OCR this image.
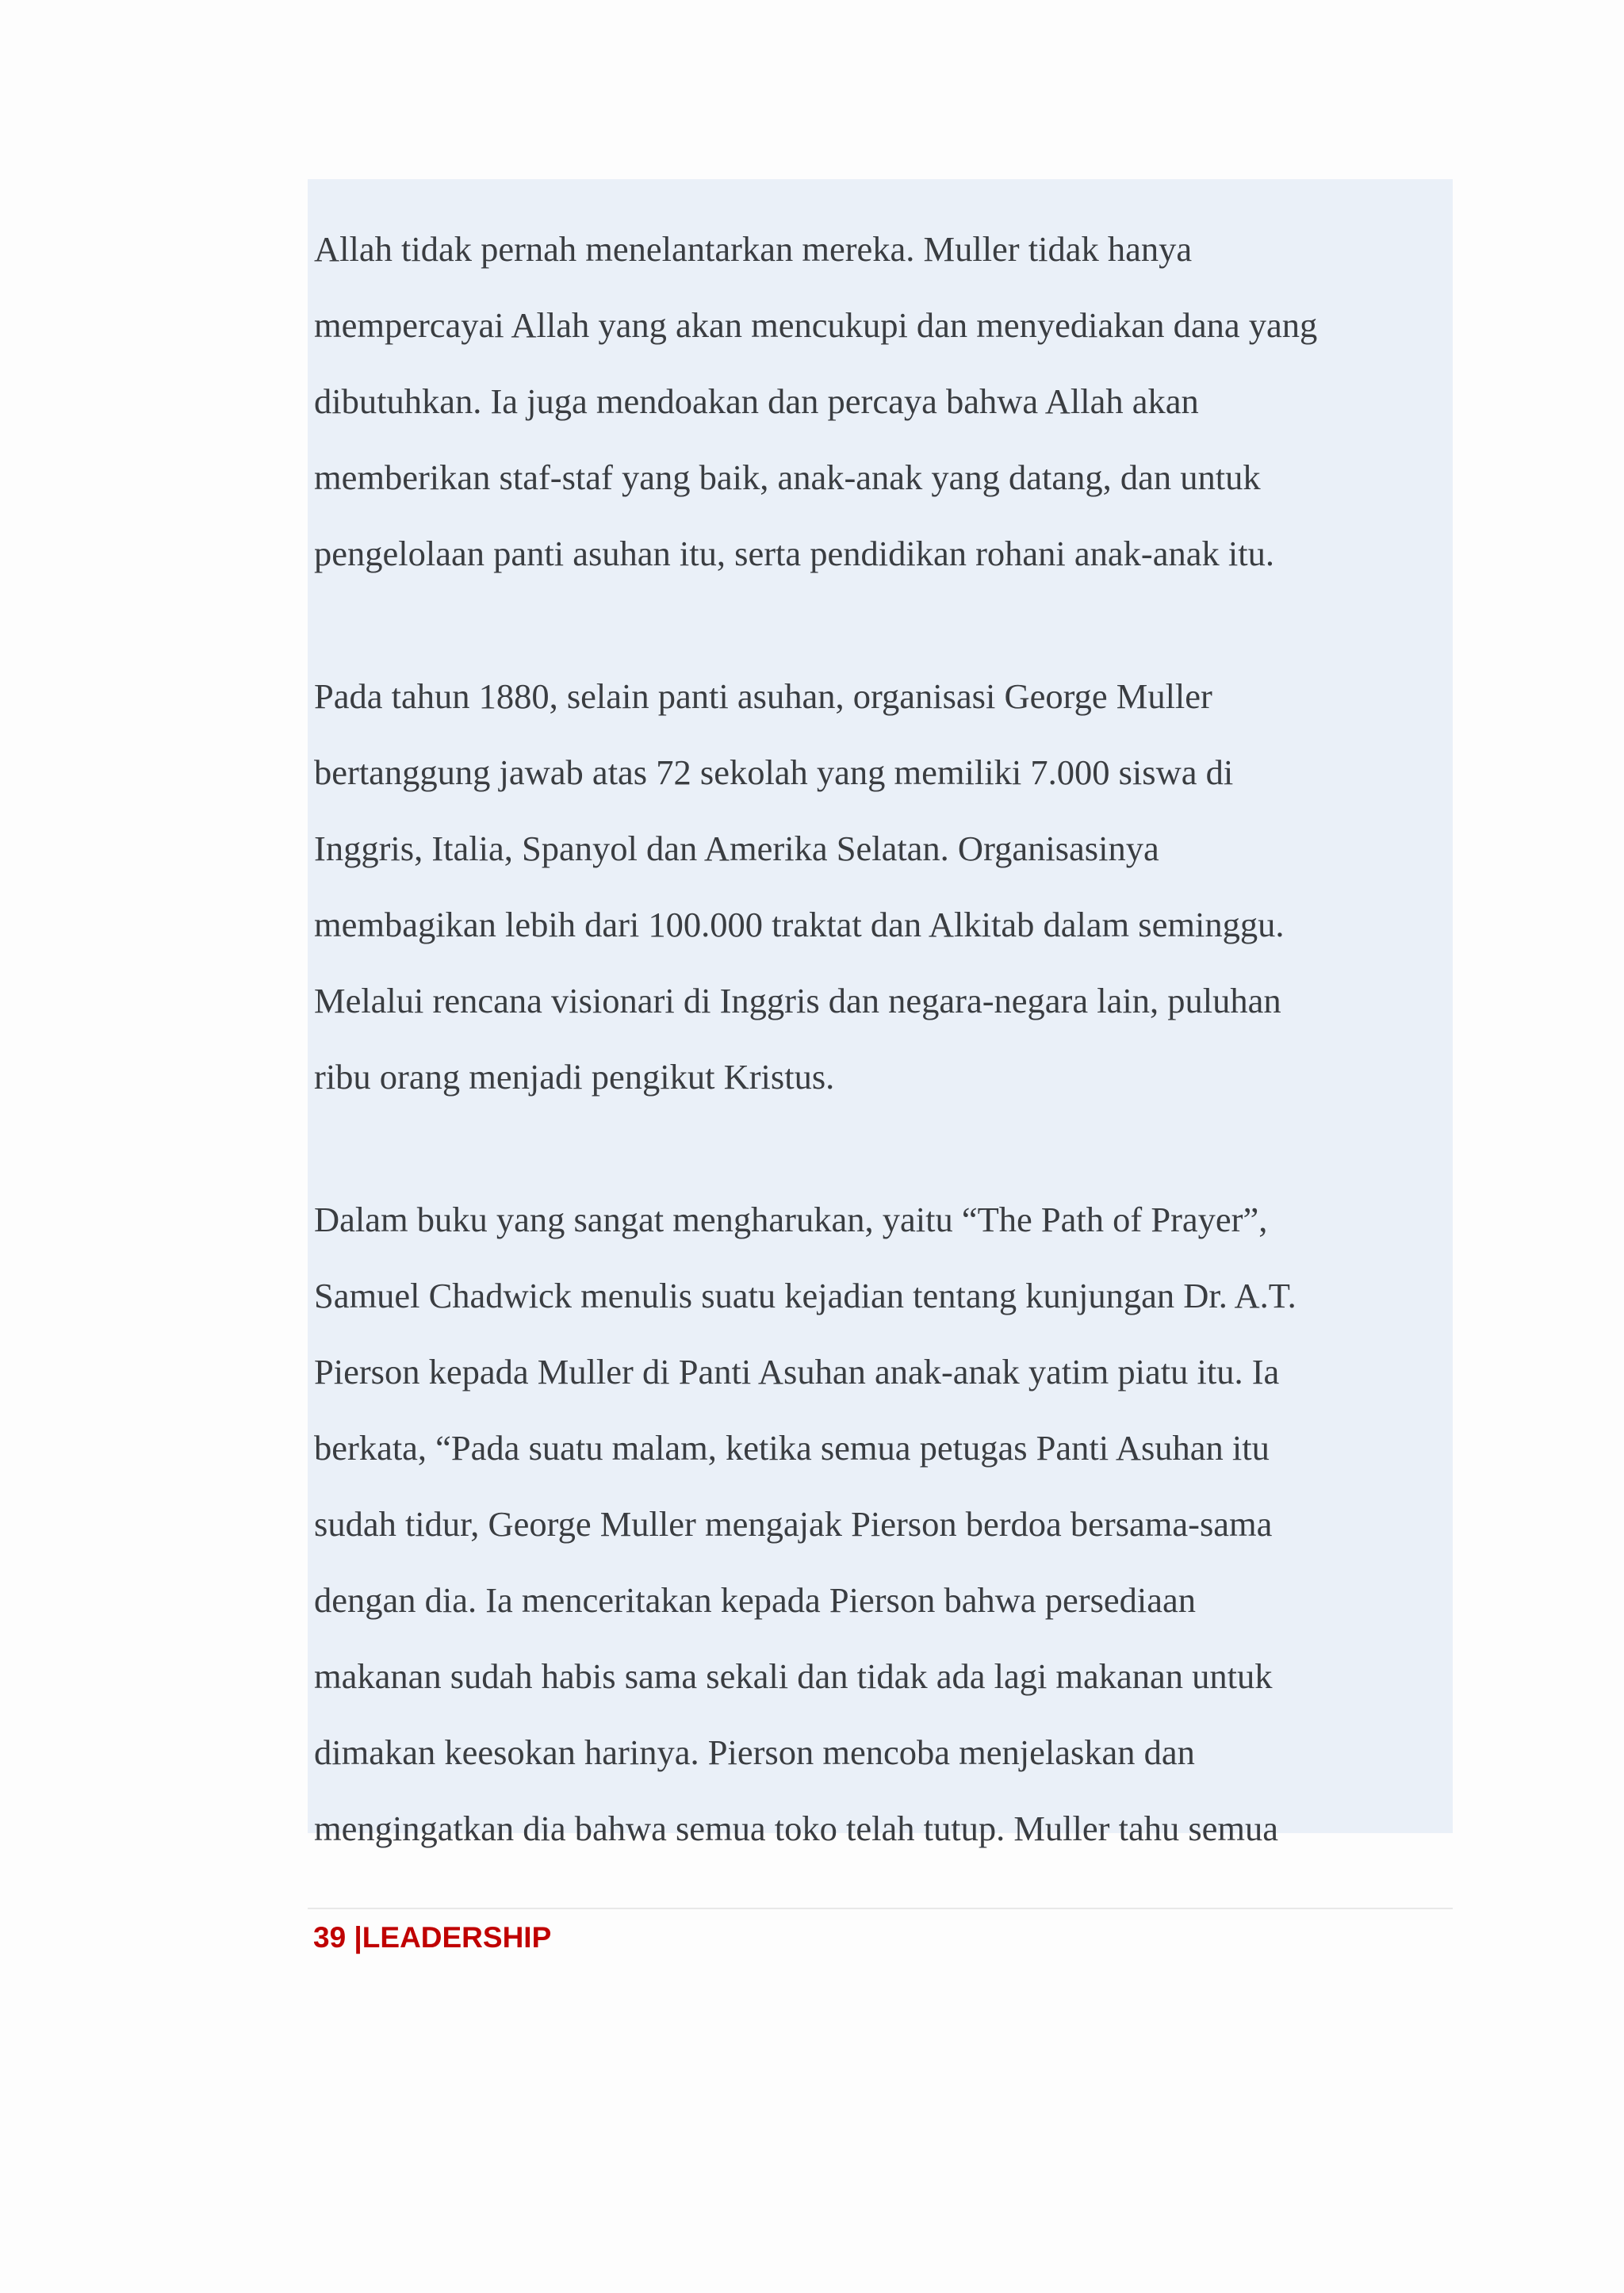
Allah tidak pernah menelantarkan mereka. Muller tidak hanya
mempercayai Allah yang akan mencukupi dan menyediakan dana yang
dibutuhkan. Ia juga mendoakan dan percaya bahwa Allah akan
memberikan staf-staf yang baik, anak-anak yang datang, dan untuk
pengelolaan panti asuhan itu, serta pendidikan rohani anak-anak itu.

Pada tahun 1880, selain panti asuhan, organisasi George Muller
bertanggung jawab atas 72 sekolah yang memiliki 7.000 siswa di
Inggris, Italia, Spanyol dan Amerika Selatan. Organisasinya
membagikan lebih dari 100.000 traktat dan Alkitab dalam seminggu.
Melalui rencana visionari di Inggris dan negara-negara lain, puluhan
ribu orang menjadi pengikut Kristus.

Dalam buku yang sangat mengharukan, yaitu “The Path of Prayer”,
Samuel Chadwick menulis suatu kejadian tentang kunjungan Dr. A.T.
Pierson kepada Muller di Panti Asuhan anak-anak yatim piatu itu. Ia
berkata, “Pada suatu malam, ketika semua petugas Panti Asuhan itu
sudah tidur, George Muller mengajak Pierson berdoa bersama-sama
dengan dia. Ia menceritakan kepada Pierson bahwa persediaan
makanan sudah habis sama sekali dan tidak ada lagi makanan untuk
dimakan keesokan harinya. Pierson mencoba menjelaskan dan
mengingatkan dia bahwa semua toko telah tutup. Muller tahu semua

39 |LEADERSHIP
